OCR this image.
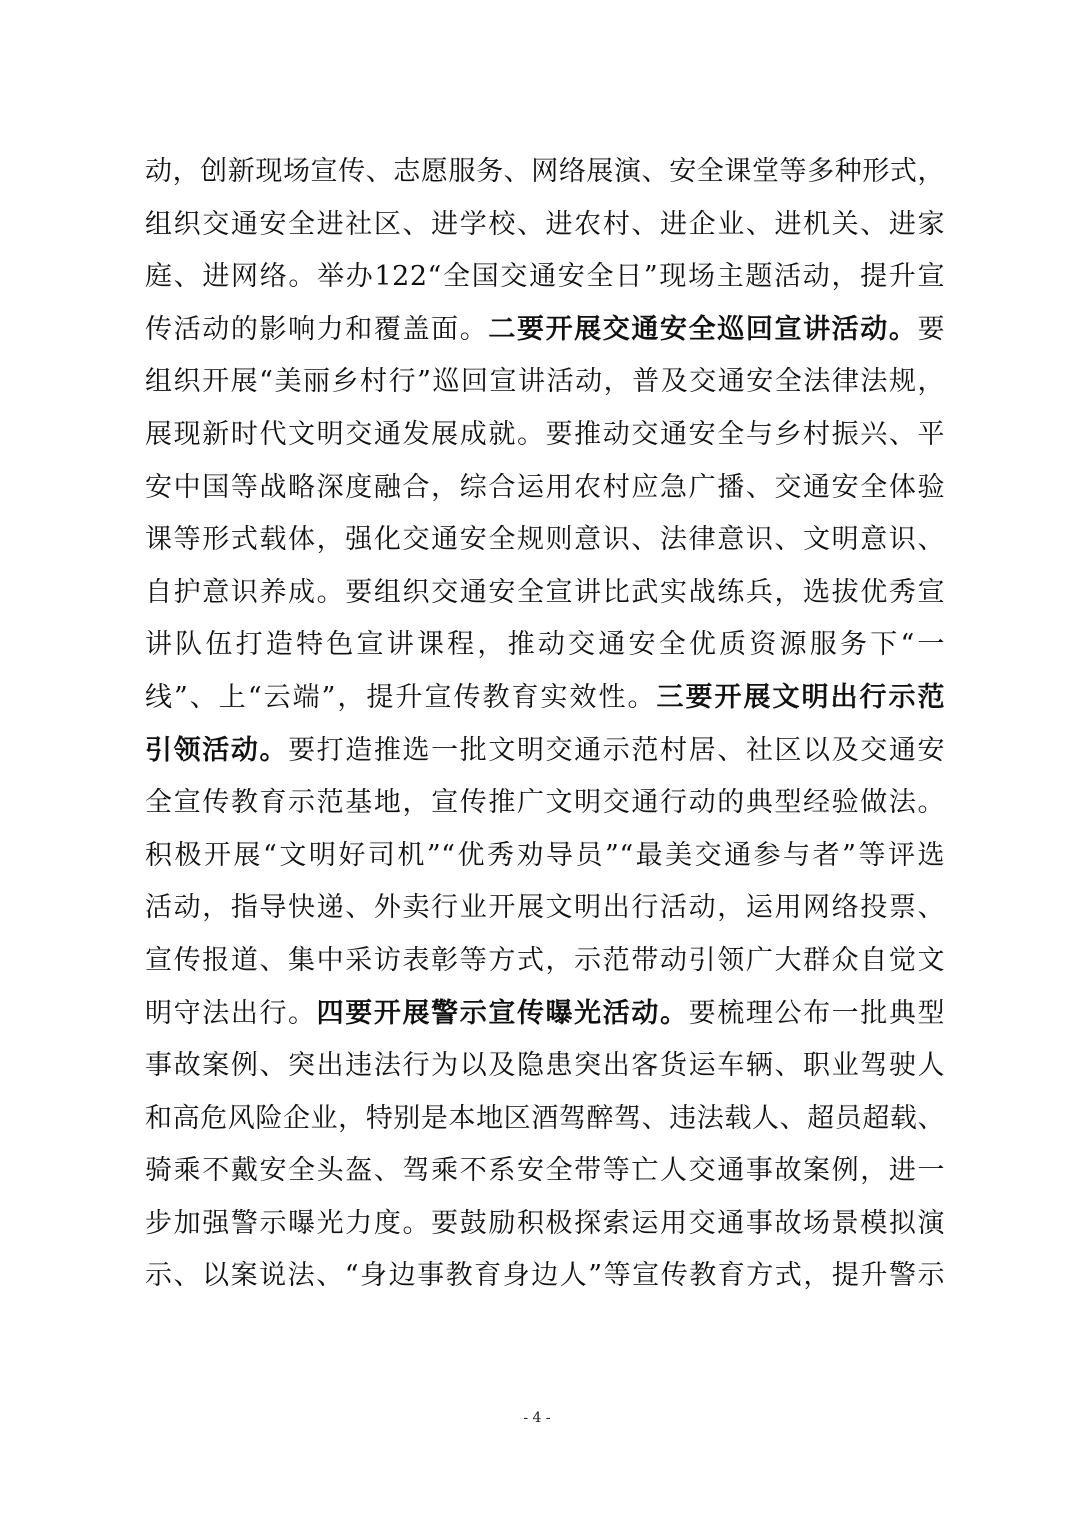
动，创新现场宣传、志愿服务、网络展演、安全课堂等多种形式，
组织交通安全进社区、进学校、进农村、进企业、进机关、进家
庭、进网络。举办122“全国交通安全日”现场主题活动，提升宣
传活动的影响力和覆盖面。二要开展交通安全巡回宣讲活动。要
组织开展“美丽乡村行”巡回宣讲活动，普及交通安全法律法规，
展现新时代文明交通发展成就。要推动交通安全与乡村振兴、平
安中国等战略深度融合，综合运用农村应急广播、交通安全体验
课等形式载体，强化交通安全规则意识、法律意识、文明意识、
自护意识养成。要组织交通安全宣讲比武实战练兵，选拔优秀宣
讲队伍打造特色宣讲课程，推动交通安全优质资源服务下“一
线”、上“云端”，提升宣传教育实效性。三要开展文明出行示范
引领活动。要打造推选一批文明交通示范村居、社区以及交通安
全宣传教育示范基地，宣传推广文明交通行动的典型经验做法。
积极开展“文明好司机”“优秀劝导员”“最美交通参与者”等评选
活动，指导快递、外卖行业开展文明出行活动，运用网络投票、
宣传报道、集中采访表彰等方式，示范带动引领广大群众自觉文
明守法出行。四要开展警示宣传曝光活动。要梳理公布一批典型
事故案例、突出违法行为以及隐患突出客货运车辆、职业驾驶人
和高危风险企业，特别是本地区酒驾醉驾、违法载人、超员超载、
骑乘不戴安全头盔、驾乘不系安全带等亡人交通事故案例，进一
步加强警示曝光力度。要鼓励积极探索运用交通事故场景模拟演
示、以案说法、“身边事教育身边人”等宣传教育方式，提升警示
- 4 -
